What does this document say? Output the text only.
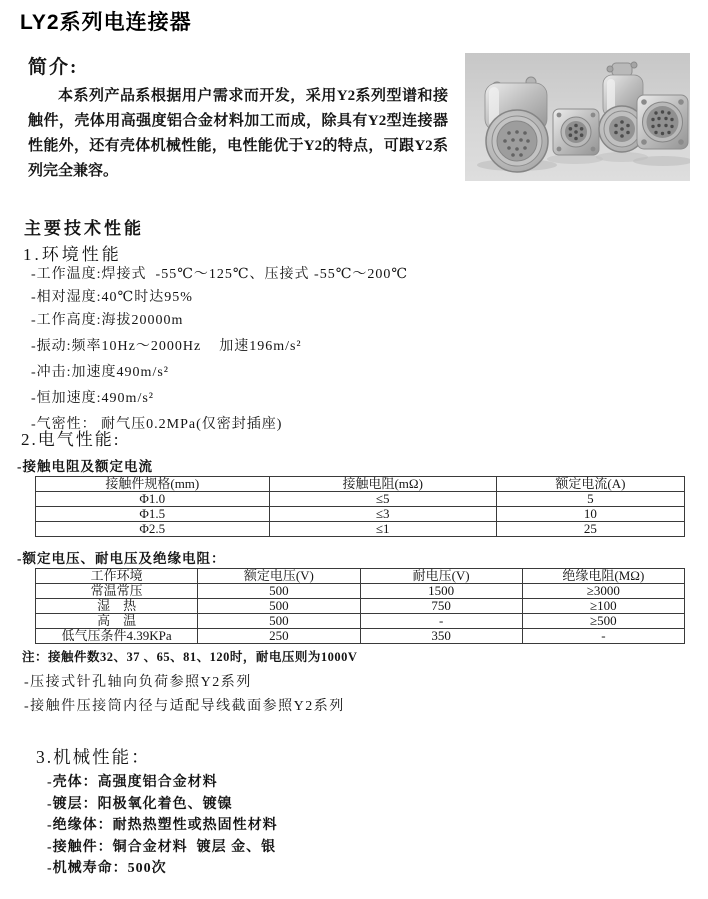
LY2系列电连接器
简介:

本系列产品系根据用户需求而开发，采用Y2系列型谱和接触件，壳体用高强度铝合金材料加工而成，除具有Y2型连接器性能外，还有壳体机械性能，电性能优于Y2的特点，可跟Y2系列完全兼容。

主要技术性能
1.环境性能
-工作温度:焊接式  -55℃～125℃、压接式 -55℃～200℃
-相对湿度:40℃时达95%
-工作高度:海拔20000m
-振动:频率10Hz～2000Hz    加速196m/s²
-冲击:加速度490m/s²
-恒加速度:490m/s²
-气密性： 耐气压0.2MPa(仅密封插座)
2.电气性能:
-接触电阻及额定电流
接触件规格(mm)	接触电阻(mΩ)	额定电流(A)
Φ1.0	≤5	5
Φ1.5	≤3	10
Φ2.5	≤1	25
-额定电压、耐电压及绝缘电阻：
工作环境	额定电压(V)	耐电压(V)	绝缘电阻(MΩ)
常温常压	500	1500	≥3000
湿　热	500	750	≥100
高　温	500	-	≥500
低气压条件4.39KPa	250	350	-
注：接触件数32、37 、65、81、120时，耐电压则为1000V
-压接式针孔轴向负荷参照Y2系列
-接触件压接筒内径与适配导线截面参照Y2系列
3.机械性能：
-壳体：高强度铝合金材料
-镀层：阳极氧化着色、镀镍
-绝缘体：耐热热塑性或热固性材料
-接触件：铜合金材料  镀层 金、银
-机械寿命：500次
